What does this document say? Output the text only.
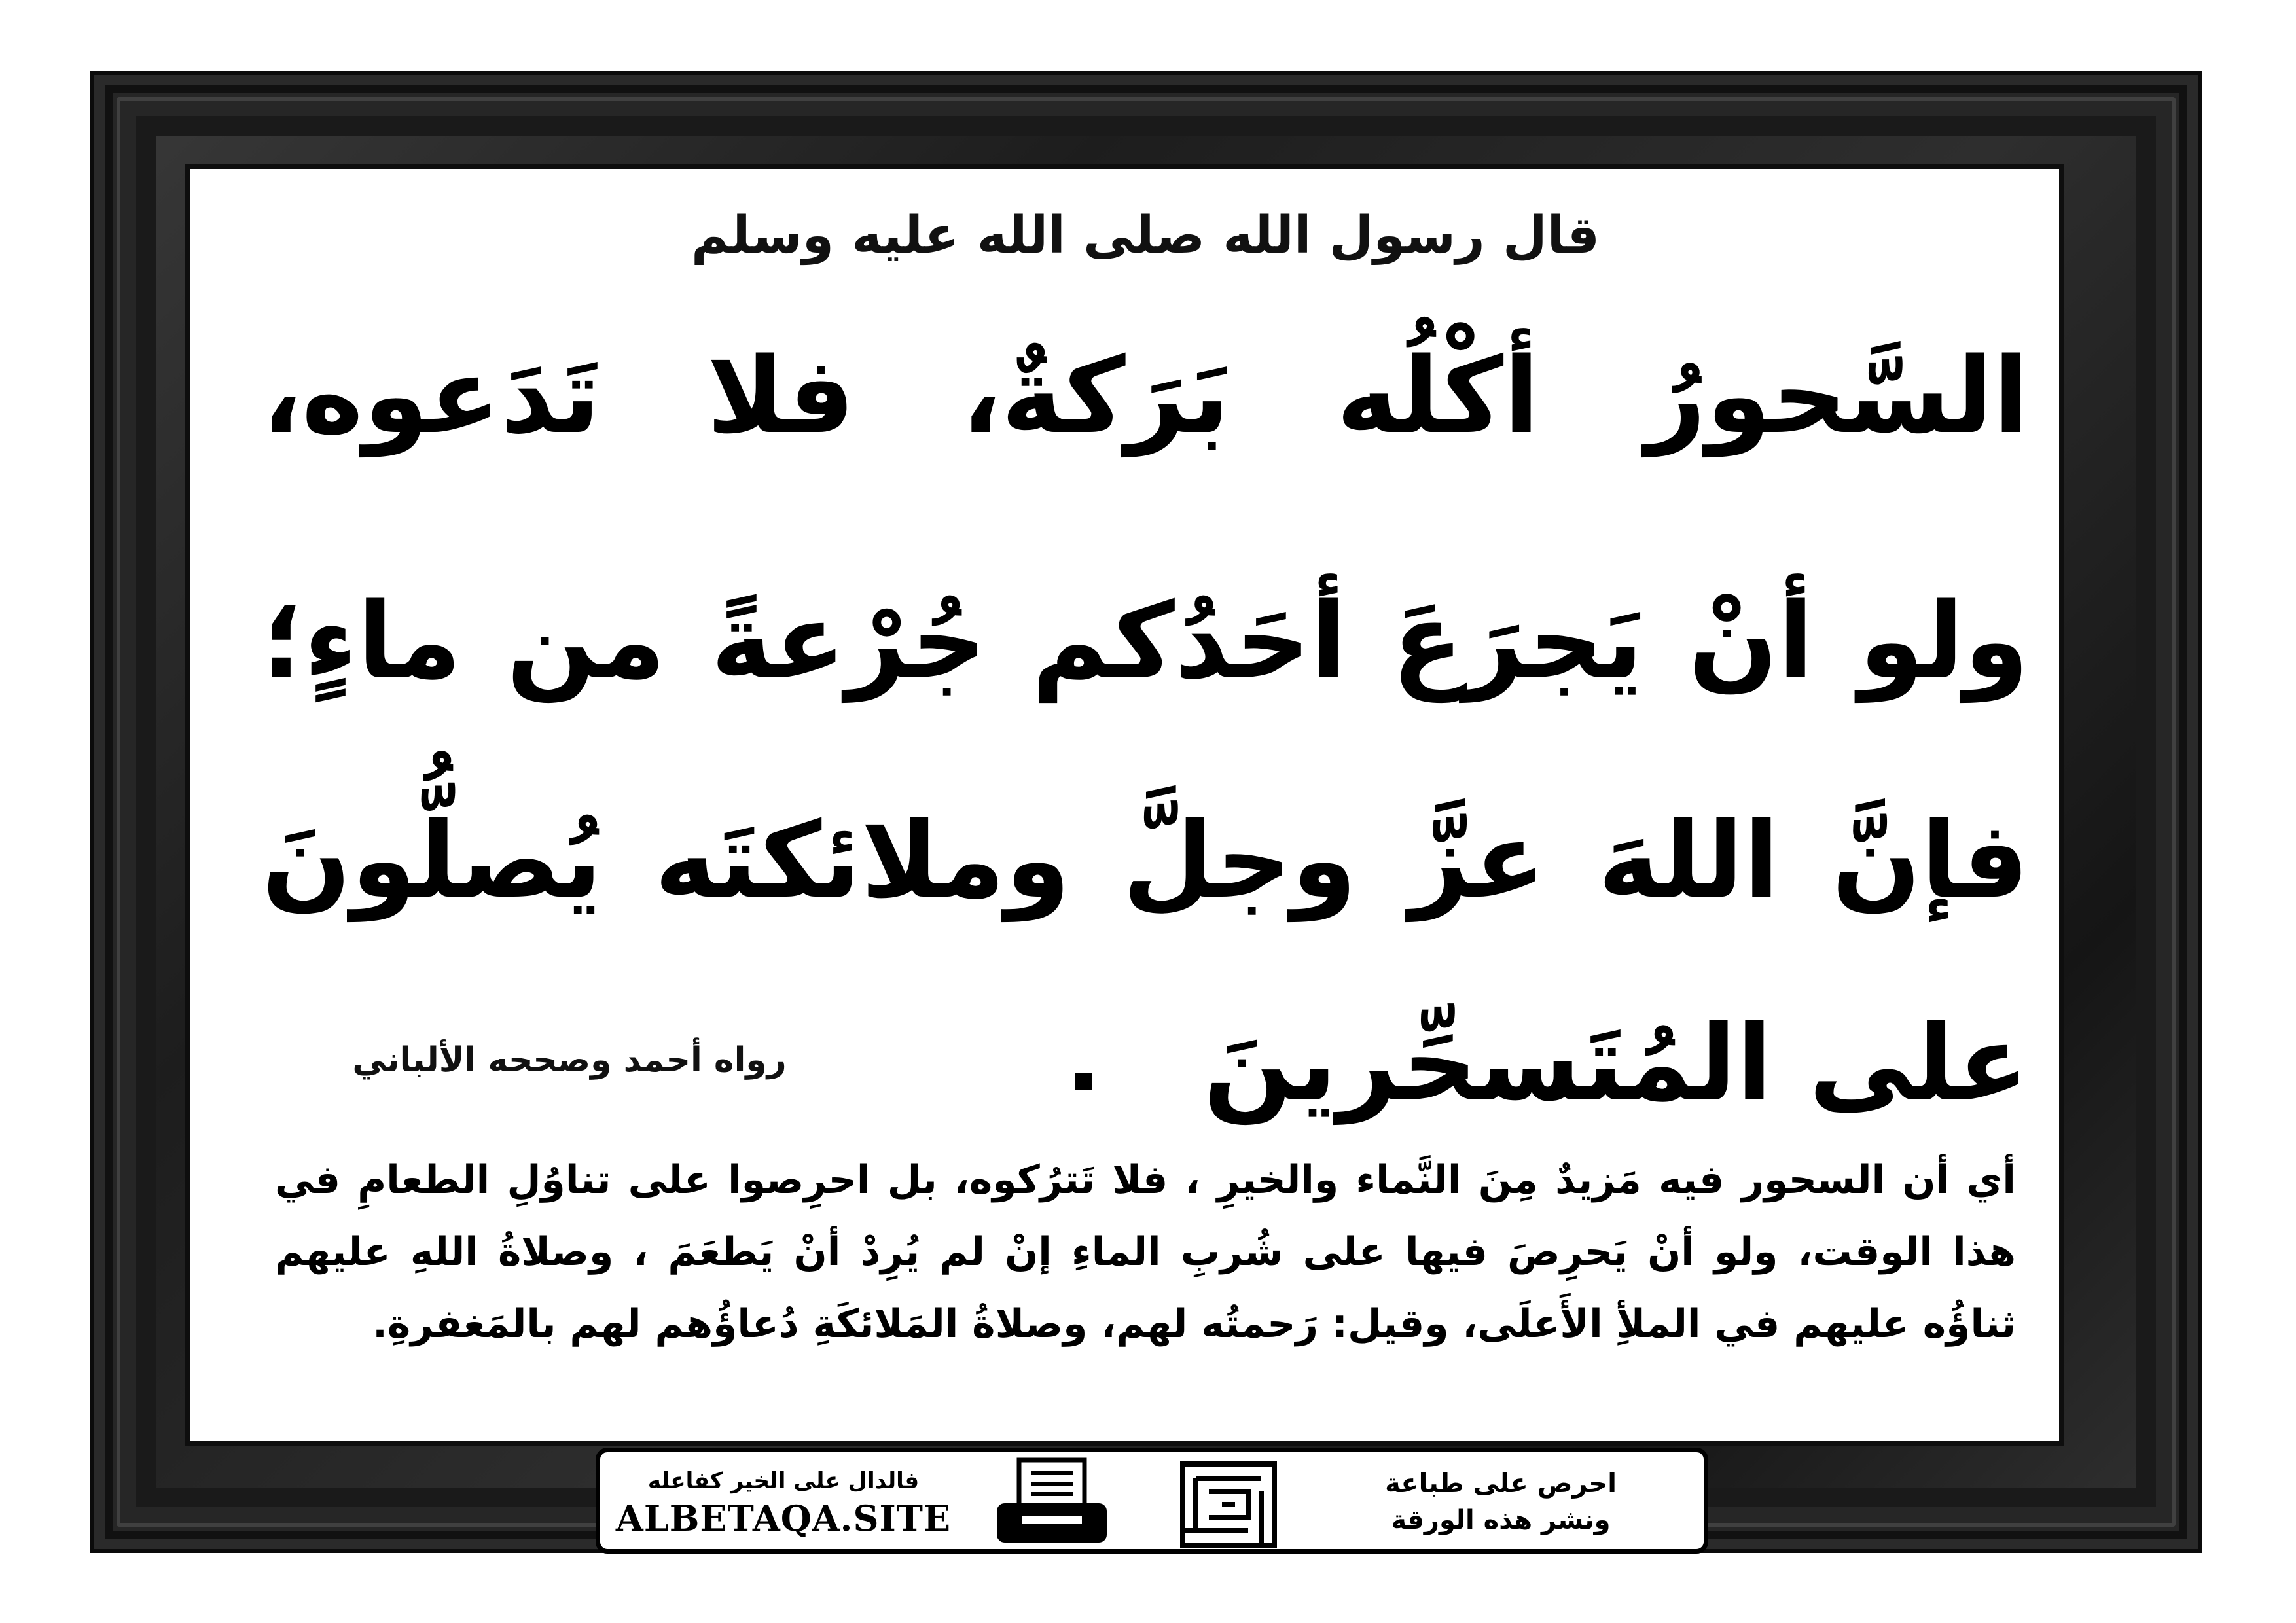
قال رسول الله صلى الله عليه وسلم
السَّحورُ أكْلُه بَرَكةٌ، فلا تَدَعوه،
ولو أنْ يَجرَعَ أحَدُكم جُرْعةً من ماءٍ؛
فإنَّ اللهَ عزَّ وجلَّ وملائكتَه يُصلُّونَ
على المُتَسحِّرينَ
رواه أحمد وصححه الألباني
أي أن السحور فيه مَزيدٌ مِنَ النَّماء والخيرِ ، فلا تَترُكوه، بل احرِصوا على تناوُلِ الطعامِ في هذا الوقت، ولو أنْ يَحرِصَ فيها على شُربِ الماءِ إنْ لم يُرِدْ أنْ يَطعَمَ ، وصلاةُ اللهِ عليهم ثناؤُه عليهم في الملأِ الأَعلَى، وقيل: رَحمتُه لهم، وصلاةُ المَلائكَةِ دُعاؤُهم لهم بالمَغفرةِ.
فالدال على الخير كفاعله
ALBETAQA.SITE
احرص على طباعة
ونشر هذه الورقة
